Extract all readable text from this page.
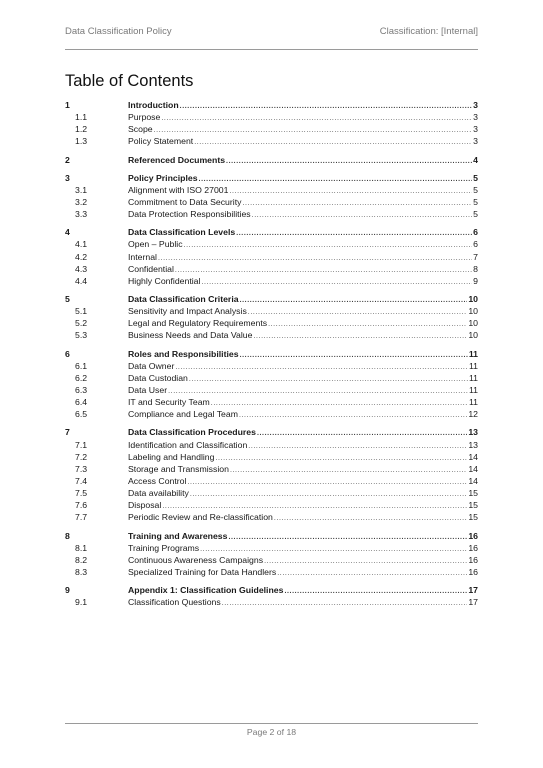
Data Classification Policy	Classification: [Internal]
Table of Contents
1	Introduction .....	3
1.1	Purpose .....	3
1.2	Scope .....	3
1.3	Policy Statement .....	3
2	Referenced Documents .....	4
3	Policy Principles .....	5
3.1	Alignment with ISO 27001 .....	5
3.2	Commitment to Data Security .....	5
3.3	Data Protection Responsibilities .....	5
4	Data Classification Levels .....	6
4.1	Open – Public .....	6
4.2	Internal .....	7
4.3	Confidential .....	8
4.4	Highly Confidential .....	9
5	Data Classification Criteria .....	10
5.1	Sensitivity and Impact Analysis .....	10
5.2	Legal and Regulatory Requirements .....	10
5.3	Business Needs and Data Value .....	10
6	Roles and Responsibilities .....	11
6.1	Data Owner .....	11
6.2	Data Custodian .....	11
6.3	Data User .....	11
6.4	IT and Security Team .....	11
6.5	Compliance and Legal Team .....	12
7	Data Classification Procedures .....	13
7.1	Identification and Classification .....	13
7.2	Labeling and Handling .....	14
7.3	Storage and Transmission .....	14
7.4	Access Control .....	14
7.5	Data availability .....	15
7.6	Disposal .....	15
7.7	Periodic Review and Re-classification .....	15
8	Training and Awareness .....	16
8.1	Training Programs .....	16
8.2	Continuous Awareness Campaigns .....	16
8.3	Specialized Training for Data Handlers .....	16
9	Appendix 1: Classification Guidelines .....	17
9.1	Classification Questions .....	17
Page 2 of 18
